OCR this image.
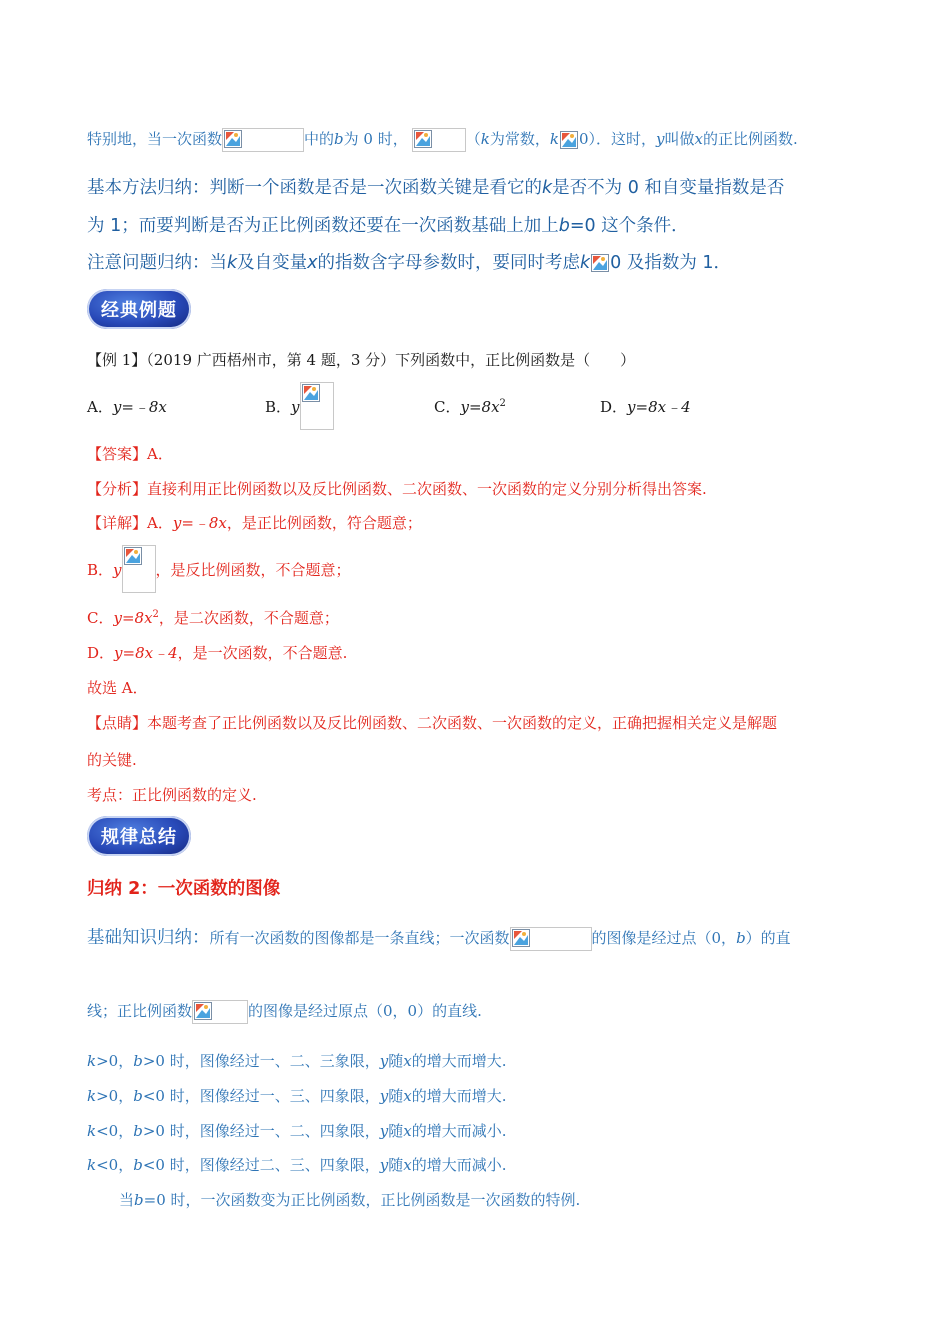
特别地，当一次函数	中的b为 0 时，	（k为常数，k 0）．这时，y叫做x的正比例函数.
基本方法归纳：判断一个函数是否是一次函数关键是看它的k是否不为 0 和自变量指数是否
为 1；而要判断是否为正比例函数还要在一次函数基础上加上b=0 这个条件．
注意问题归纳：当k及自变量x的指数含字母参数时，要同时考虑k 0 及指数为 1．
经典例题
【例 1】（2019 广西梧州市，第 4 题，3 分）下列函数中，正比例函数是（　　）
A．y=﹣8x	B．y	C．$y=8x^2$	D．y=8x﹣4
【答案】A．
【分析】直接利用正比例函数以及反比例函数、二次函数、一次函数的定义分别分析得出答案.
【详解】A．y=﹣8x，是正比例函数，符合题意；
B．y ，是反比例函数，不合题意；
C．$y=8x^2$，是二次函数，不合题意；
D．y=8x﹣4，是一次函数，不合题意.
故选 A．
【点睛】本题考查了正比例函数以及反比例函数、二次函数、一次函数的定义，正确把握相关定义是解题
的关键.
考点：正比例函数的定义.
规律总结
归纳 2：一次函数的图像
基础知识归纳：所有一次函数的图像都是一条直线；一次函数	的图像是经过点（0，b）的直
线；正比例函数	的图像是经过原点（0，0）的直线.
k>0，b>0 时，图像经过一、二、三象限，y随x的增大而增大.
k>0，b<0 时，图像经过一、三、四象限，y随x的增大而增大.
k<0，b>0 时，图像经过一、二、四象限，y随x的增大而减小.
k<0，b<0 时，图像经过二、三、四象限，y随x的增大而减小.
当b=0 时，一次函数变为正比例函数，正比例函数是一次函数的特例.
